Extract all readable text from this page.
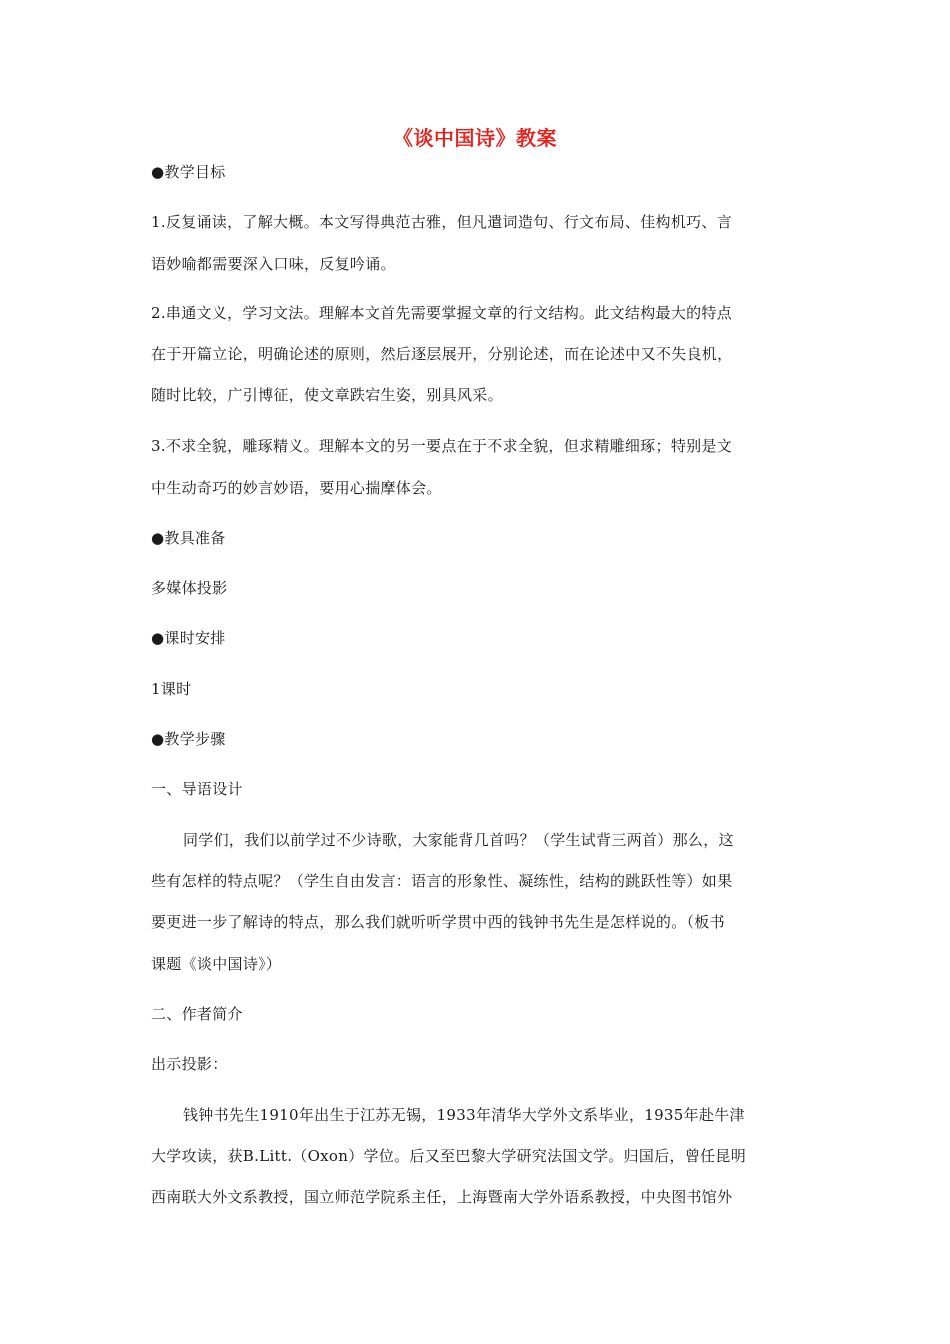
《谈中国诗》教案
●教学目标
1.反复诵读，了解大概。本文写得典范古雅，但凡遣词造句、行文布局、佳构机巧、言
语妙喻都需要深入口味，反复吟诵。
2.串通文义，学习文法。理解本文首先需要掌握文章的行文结构。此文结构最大的特点
在于开篇立论，明确论述的原则，然后逐层展开，分别论述，而在论述中又不失良机，
随时比较，广引博征，使文章跌宕生姿，别具风采。
3.不求全貌，雕琢精义。理解本文的另一要点在于不求全貌，但求精雕细琢；特别是文
中生动奇巧的妙言妙语，要用心揣摩体会。
●教具准备
多媒体投影
●课时安排
1课时
●教学步骤
一、导语设计
同学们，我们以前学过不少诗歌，大家能背几首吗？（学生试背三两首）那么，这
些有怎样的特点呢？（学生自由发言：语言的形象性、凝练性，结构的跳跃性等）如果
要更进一步了解诗的特点，那么我们就听听学贯中西的钱钟书先生是怎样说的。（板书
课题《谈中国诗》）
二、作者简介
出示投影：
钱钟书先生1910年出生于江苏无锡，1933年清华大学外文系毕业，1935年赴牛津
大学攻读，获B.Litt.（Oxon）学位。后又至巴黎大学研究法国文学。归国后，曾任昆明
西南联大外文系教授，国立师范学院系主任，上海暨南大学外语系教授，中央图书馆外
